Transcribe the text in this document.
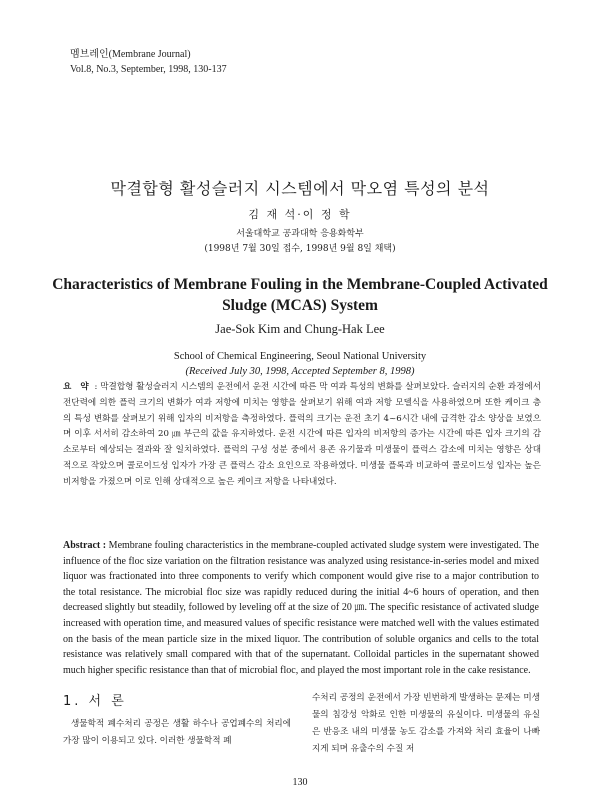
멤브레인(Membrane Journal)
Vol.8, No.3, September, 1998, 130-137
막결합형 활성슬러지 시스템에서 막오염 특성의 분석
김 재 석·이 정 학
서울대학교 공과대학 응용화학부
(1998년 7월 30일 접수, 1998년 9월 8일 채택)
Characteristics of Membrane Fouling in the Membrane-Coupled Activated Sludge (MCAS) System
Jae-Sok Kim and Chung-Hak Lee
School of Chemical Engineering, Seoul National University
(Received July 30, 1998, Accepted September 8, 1998)
요 약 : 막결합형 활성슬러지 시스템의 운전에서 운전 시간에 따른 막 여과 특성의 변화를 살펴보았다. 슬러지의 순환 과정에서 전단력에 의한 플럭 크기의 변화가 여과 저항에 미치는 영향을 살펴보기 위해 여과 저항 모델식을 사용하였으며 또한 케이크 층의 특성 변화를 살펴보기 위해 입자의 비저항을 측정하였다. 플럭의 크기는 운전 초기 4~6시간 내에 급격한 감소 양상을 보였으며 이후 서서히 감소하여 20 ㎛ 부근의 값을 유지하였다. 운전 시간에 따른 입자의 비저항의 증가는 시간에 따른 입자 크기의 감소로부터 예상되는 결과와 잘 일치하였다. 플럭의 구성 성분 중에서 용존 유기물과 미생물이 플럭스 감소에 미치는 영향은 상대적으로 작았으며 콜로이드성 입자가 가장 큰 플럭스 감소 요인으로 작용하였다. 미생물 플록과 비교하여 콜로이드성 입자는 높은 비저항을 가졌으며 이로 인해 상대적으로 높은 케이크 저항을 나타내었다.
Abstract : Membrane fouling characteristics in the membrane-coupled activated sludge system were investigated. The influence of the floc size variation on the filtration resistance was analyzed using resistance-in-series model and mixed liquor was fractionated into three components to verify which component would give rise to a major contribution to the total resistance. The microbial floc size was rapidly reduced during the initial 4~6 hours of operation, and then decreased slightly but steadily, followed by leveling off at the size of 20 ㎛. The specific resistance of activated sludge increased with operation time, and measured values of specific resistance were matched well with the values estimated on the basis of the mean particle size in the mixed liquor. The contribution of soluble organics and cells to the total resistance was relatively small compared with that of the supernatant. Colloidal particles in the supernatant showed much higher specific resistance than that of microbial floc, and played the most important role in the cake resistance.
1. 서 론
생물학적 폐수처리 공정은 생활 하수나 공업폐수의 처리에 가장 많이 이용되고 있다. 이러한 생물학적 폐
수처리 공정의 운전에서 가장 빈번하게 발생하는 문제는 미생물의 침강성 악화로 인한 미생물의 유실이다. 미생물의 유실은 반응조 내의 미생물 농도 감소를 가져와 처리 효율이 나빠지게 되며 유출수의 수질 저
130
